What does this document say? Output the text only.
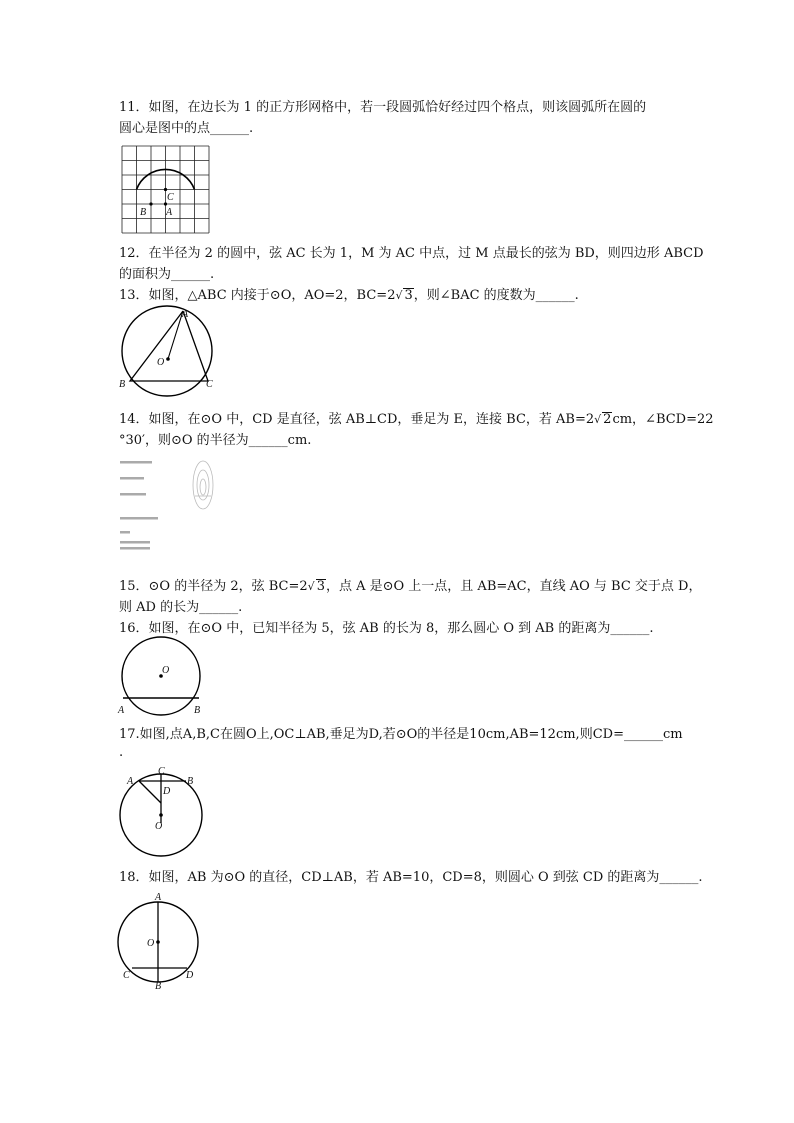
11．如图，在边长为 1 的正方形网格中，若一段圆弧恰好经过四个格点，则该圆弧所在圆的
圆心是图中的点______.
B A
C
12．在半径为 2 的圆中，弦 AC 长为 1，M 为 AC 中点，过 M 点最长的弦为 BD，则四边形 ABCD
的面积为______.
13．如图，△ABC 内接于⊙O，AO=2，BC=2√ 3，则∠BAC 的度数为______.
A
O
B	C
14．如图，在⊙O 中，CD 是直径，弦 AB⊥CD，垂足为 E，连接 BC，若 AB=2√ 2cm，∠BCD=22
°30′，则⊙O 的半径为______cm.
15．⊙O 的半径为 2，弦 BC=2√ 3，点 A 是⊙O 上一点，且 AB=AC，直线 AO 与 BC 交于点 D，
则 AD 的长为______.
16．如图，在⊙O 中，已知半径为 5，弦 AB 的长为 8，那么圆心 O 到 AB 的距离为______.
O
A	B
17.如图,点A,B,C在圆O上,OC⊥AB,垂足为D,若⊙O的半径是10cm,AB=12cm,则CD=______cm
.
C
A	B
D
O
18．如图，AB 为⊙O 的直径，CD⊥AB，若 AB=10，CD=8，则圆心 O 到弦 CD 的距离为______.
A
O
C	D
B
